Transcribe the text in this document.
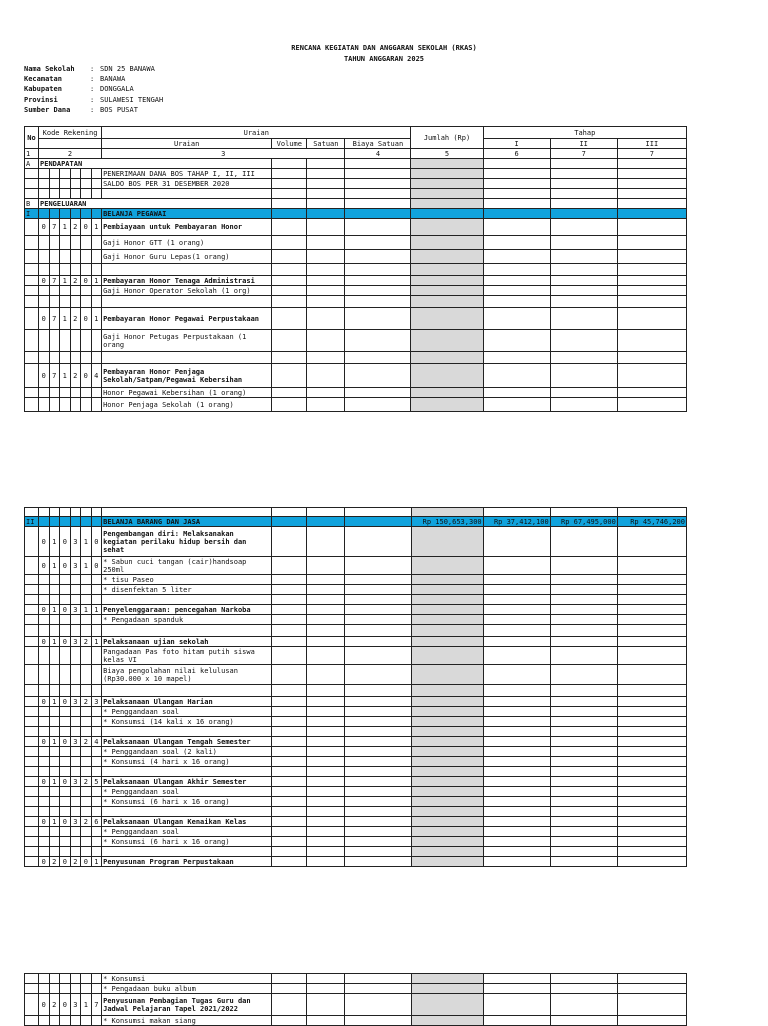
RENCANA KEGIATAN DAN ANGGARAN SEKOLAH (RKAS)
TAHUN ANGGARAN 2025
Nama Sekolah	: SDN 25 BANAWA
Kecamatan	: BANAWA
Kabupaten	: DONGGALA
Provinsi	: SULAWESI TENGAH
Sumber Dana	: BOS PUSAT
No	Kode Rekening						Uraian				Jumlah (Rp)	Tahap		
							Uraian	Volume	Satuan	Biaya Satuan		I	II	III
1	2						3			4	5	6	7	7
A	PENDAPATAN													
							PENERIMAAN DANA BOS TAHAP I, II, III							
							SALDO BOS PER 31 DESEMBER 2020							

B	PENGELUARAN													
I							BELANJA PEGAWAI							
	0	7	1	2	0	1	Pembiayaan untuk Pembayaran Honor							
							Gaji Honor GTT (1 orang)							
							Gaji Honor Guru Lepas(1 orang)							

	0	7	1	2	0	1	Pembayaran Honor Tenaga Administrasi							
							Gaji Honor Operator Sekolah (1 org)							

	0	7	1	2	0	1	Pembayaran Honor Pegawai Perpustakaan							
							Gaji Honor Petugas Perpustakaan (1 orang							

	0	7	1	2	0	4	Pembayaran Honor Penjaga Sekolah/Satpam/Pegawai Kebersihan							
							Honor Pegawai Kebersihan (1 orang)							
							Honor Penjaga Sekolah (1 orang)							

II							BELANJA BARANG DAN JASA				Rp 150,653,300	Rp 37,412,100	Rp 67,495,000	Rp 45,746,200
	0	1	0	3	1	0	Pengembangan diri: Melaksanakan kegiatan perilaku hidup bersih dan sehat							
	0	1	0	3	1	0	* Sabun cuci tangan (cair)handsoap 250ml							
							* tisu Paseo							
							* disenfektan 5 liter							

	0	1	0	3	1	1	Penyelenggaraan: pencegahan Narkoba							
							* Pengadaan spanduk							

	0	1	0	3	2	1	Pelaksanaan ujian sekolah							
							Pangadaan Pas foto hitam putih siswa kelas VI							
							Biaya pengolahan nilai kelulusan (Rp30.000 x 10 mapel)							

	0	1	0	3	2	3	Pelaksanaan Ulangan Harian							
							* Penggandaan soal							
							* Konsumsi (14 kali x 16 orang)							

	0	1	0	3	2	4	Pelaksanaan Ulangan Tengah Semester							
							* Penggandaan soal (2 kali)							
							* Konsumsi (4 hari x 16 orang)							

	0	1	0	3	2	5	Pelaksanaan Ulangan Akhir Semester							
							* Penggandaan soal							
							* Konsumsi (6 hari x 16 orang)							

	0	1	0	3	2	6	Pelaksanaan Ulangan Kenaikan Kelas							
							* Penggandaan soal							
							* Konsumsi (6 hari x 16 orang)							

	0	2	0	2	0	1	Penyusunan Program Perpustakaan							
							* Konsumsi							
							* Pengadaan buku album							
	0	2	0	3	1	7	Penyusunan Pembagian Tugas Guru dan Jadwal Pelajaran Tapel 2021/2022							
							* Konsumsi makan siang							
